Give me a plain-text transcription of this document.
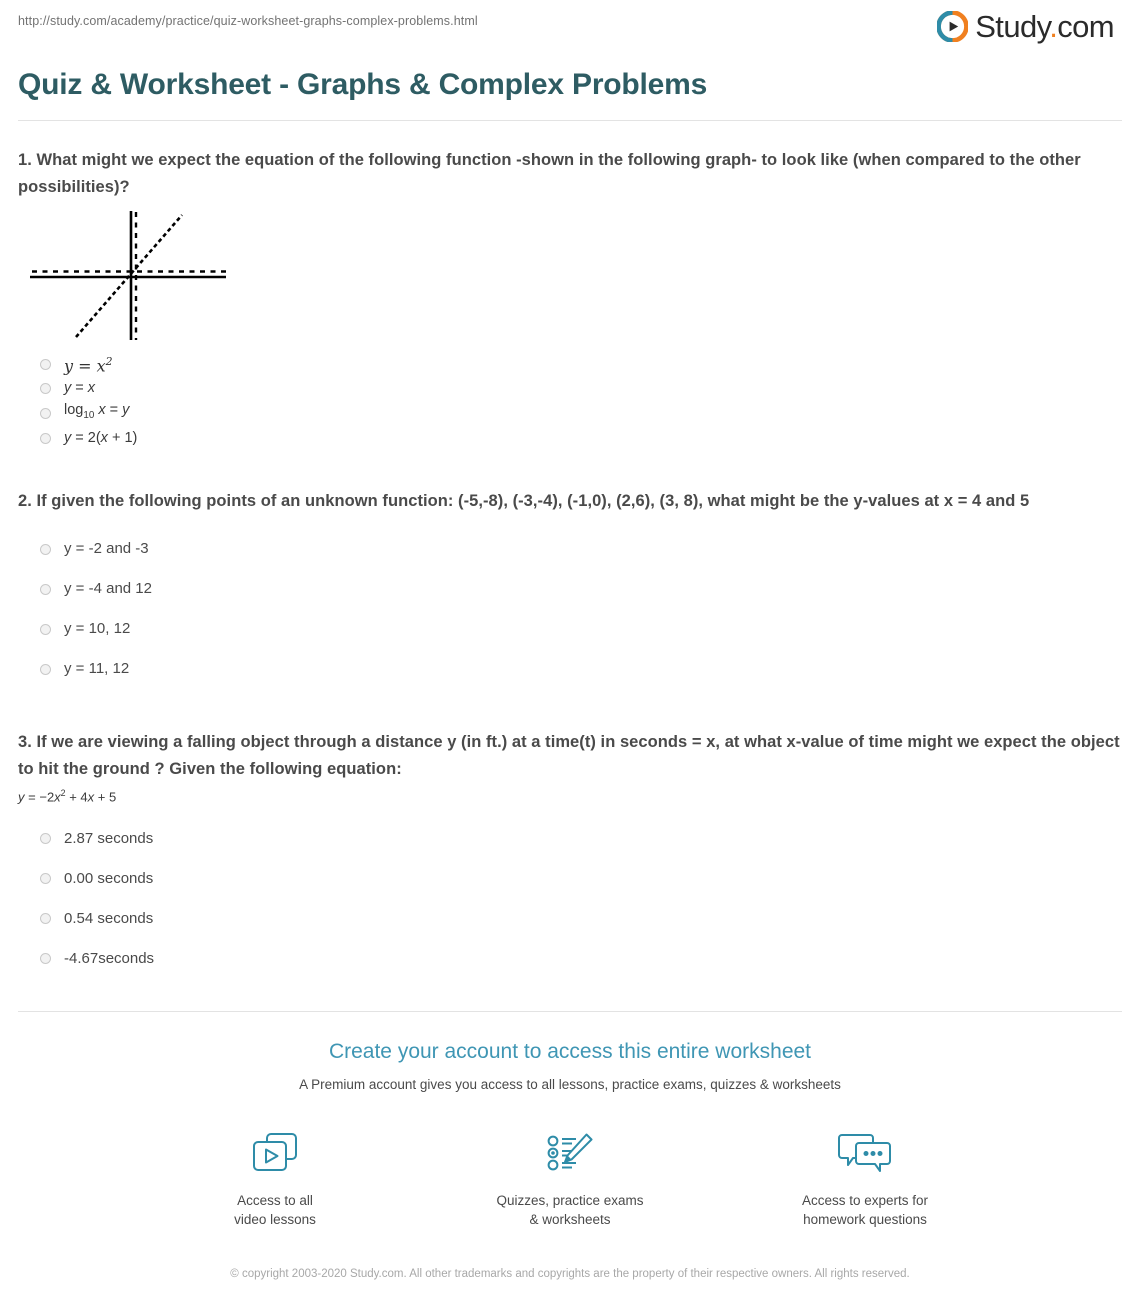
http://study.com/academy/practice/quiz-worksheet-graphs-complex-problems.html	Study.com
Quiz & Worksheet - Graphs & Complex Problems
1. What might we expect the equation of the following function -shown in the following graph- to look like (when compared to the other possibilities)?
$y = x^2$
y = x
$\log_{10} x = y$
y = 2(x + 1)
2. If given the following points of an unknown function: (-5,-8), (-3,-4), (-1,0), (2,6), (3, 8), what might be the y-values at x = 4 and 5
y = -2 and -3
y = -4 and 12
y = 10, 12
y = 11, 12
3. If we are viewing a falling object through a distance y (in ft.) at a time(t) in seconds = x, at what x-value of time might we expect the object to hit the ground ? Given the following equation:
$y = -2x^2 + 4x + 5$
2.87 seconds
0.00 seconds
0.54 seconds
-4.67seconds
Create your account to access this entire worksheet
A Premium account gives you access to all lessons, practice exams, quizzes & worksheets
Access to all
video lessons
Quizzes, practice exams
& worksheets
Access to experts for
homework questions
© copyright 2003-2020 Study.com. All other trademarks and copyrights are the property of their respective owners. All rights reserved.
